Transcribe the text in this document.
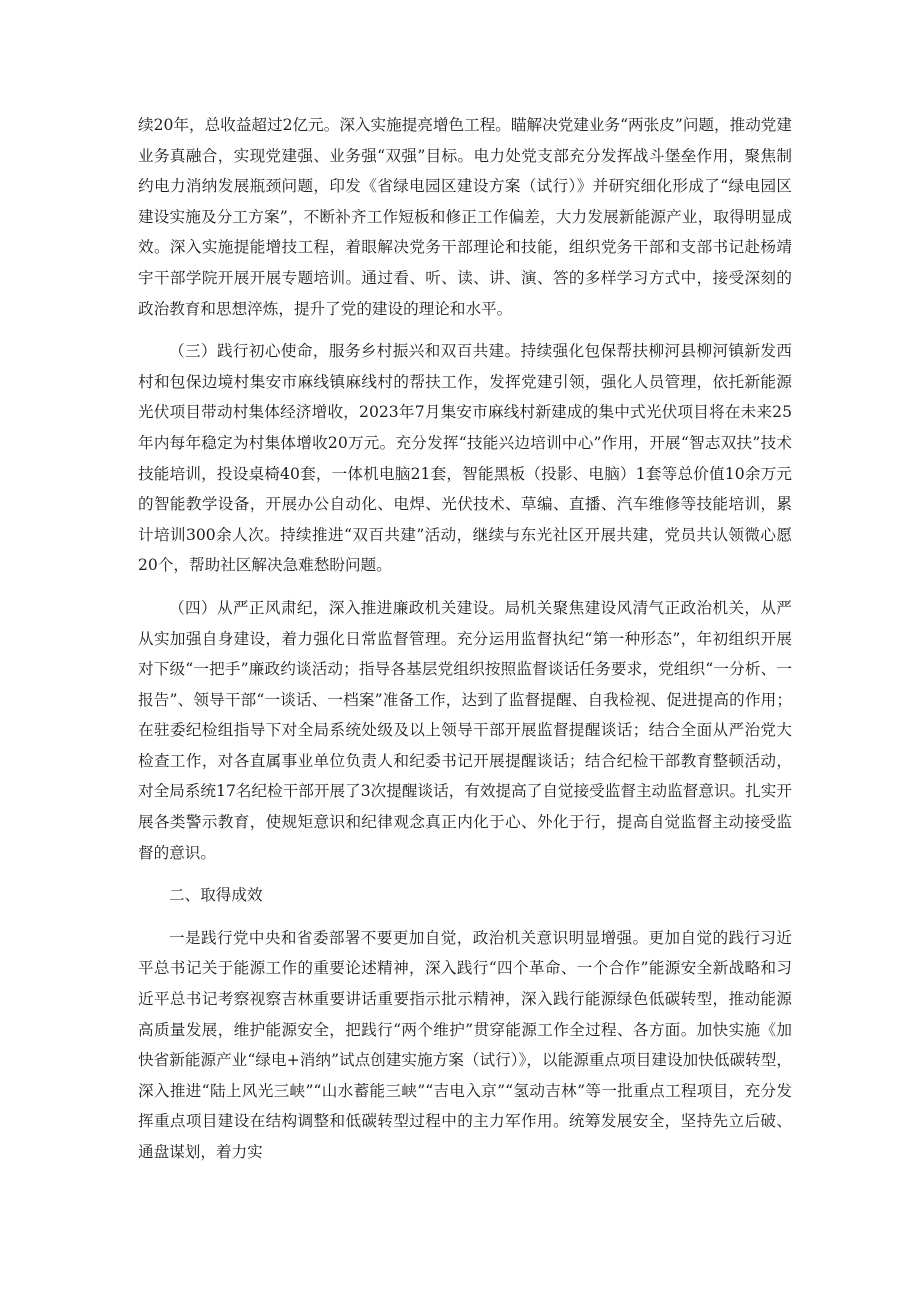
续20年，总收益超过2亿元。深入实施提亮增色工程。瞄解决党建业务“两张皮”问题，推动党建业务真融合，实现党建强、业务强“双强”目标。电力处党支部充分发挥战斗堡垒作用，聚焦制约电力消纳发展瓶颈问题，印发《省绿电园区建设方案（试行）》并研究细化形成了“绿电园区建设实施及分工方案”，不断补齐工作短板和修正工作偏差，大力发展新能源产业，取得明显成效。深入实施提能增技工程，着眼解决党务干部理论和技能，组织党务干部和支部书记赴杨靖宇干部学院开展开展专题培训。通过看、听、读、讲、演、答的多样学习方式中，接受深刻的政治教育和思想淬炼，提升了党的建设的理论和水平。

（三）践行初心使命，服务乡村振兴和双百共建。持续强化包保帮扶柳河县柳河镇新发西村和包保边境村集安市麻线镇麻线村的帮扶工作，发挥党建引领，强化人员管理，依托新能源光伏项目带动村集体经济增收，2023年7月集安市麻线村新建成的集中式光伏项目将在未来25年内每年稳定为村集体增收20万元。充分发挥“技能兴边培训中心”作用，开展“智志双扶”技术技能培训，投设桌椅40套，一体机电脑21套，智能黑板（投影、电脑）1套等总价值10余万元的智能教学设备，开展办公自动化、电焊、光伏技术、草编、直播、汽车维修等技能培训，累计培训300余人次。持续推进“双百共建”活动，继续与东光社区开展共建，党员共认领微心愿20个，帮助社区解决急难愁盼问题。

（四）从严正风肃纪，深入推进廉政机关建设。局机关聚焦建设风清气正政治机关，从严从实加强自身建设，着力强化日常监督管理。充分运用监督执纪“第一种形态”，年初组织开展对下级“一把手”廉政约谈活动；指导各基层党组织按照监督谈话任务要求，党组织“一分析、一报告”、领导干部“一谈话、一档案”准备工作，达到了监督提醒、自我检视、促进提高的作用；在驻委纪检组指导下对全局系统处级及以上领导干部开展监督提醒谈话；结合全面从严治党大检查工作，对各直属事业单位负责人和纪委书记开展提醒谈话；结合纪检干部教育整顿活动，对全局系统17名纪检干部开展了3次提醒谈话，有效提高了自觉接受监督主动监督意识。扎实开展各类警示教育，使规矩意识和纪律观念真正内化于心、外化于行，提高自觉监督主动接受监督的意识。

二、取得成效

一是践行党中央和省委部署不要更加自觉，政治机关意识明显增强。更加自觉的践行习近平总书记关于能源工作的重要论述精神，深入践行“四个革命、一个合作”能源安全新战略和习近平总书记考察视察吉林重要讲话重要指示批示精神，深入践行能源绿色低碳转型，推动能源高质量发展，维护能源安全，把践行“两个维护”贯穿能源工作全过程、各方面。加快实施《加快省新能源产业“绿电+消纳”试点创建实施方案（试行）》，以能源重点项目建设加快低碳转型，深入推进“陆上风光三峡”“山水蓄能三峡”“吉电入京”“氢动吉林”等一批重点工程项目，充分发挥重点项目建设在结构调整和低碳转型过程中的主力军作用。统筹发展安全，坚持先立后破、通盘谋划，着力实
